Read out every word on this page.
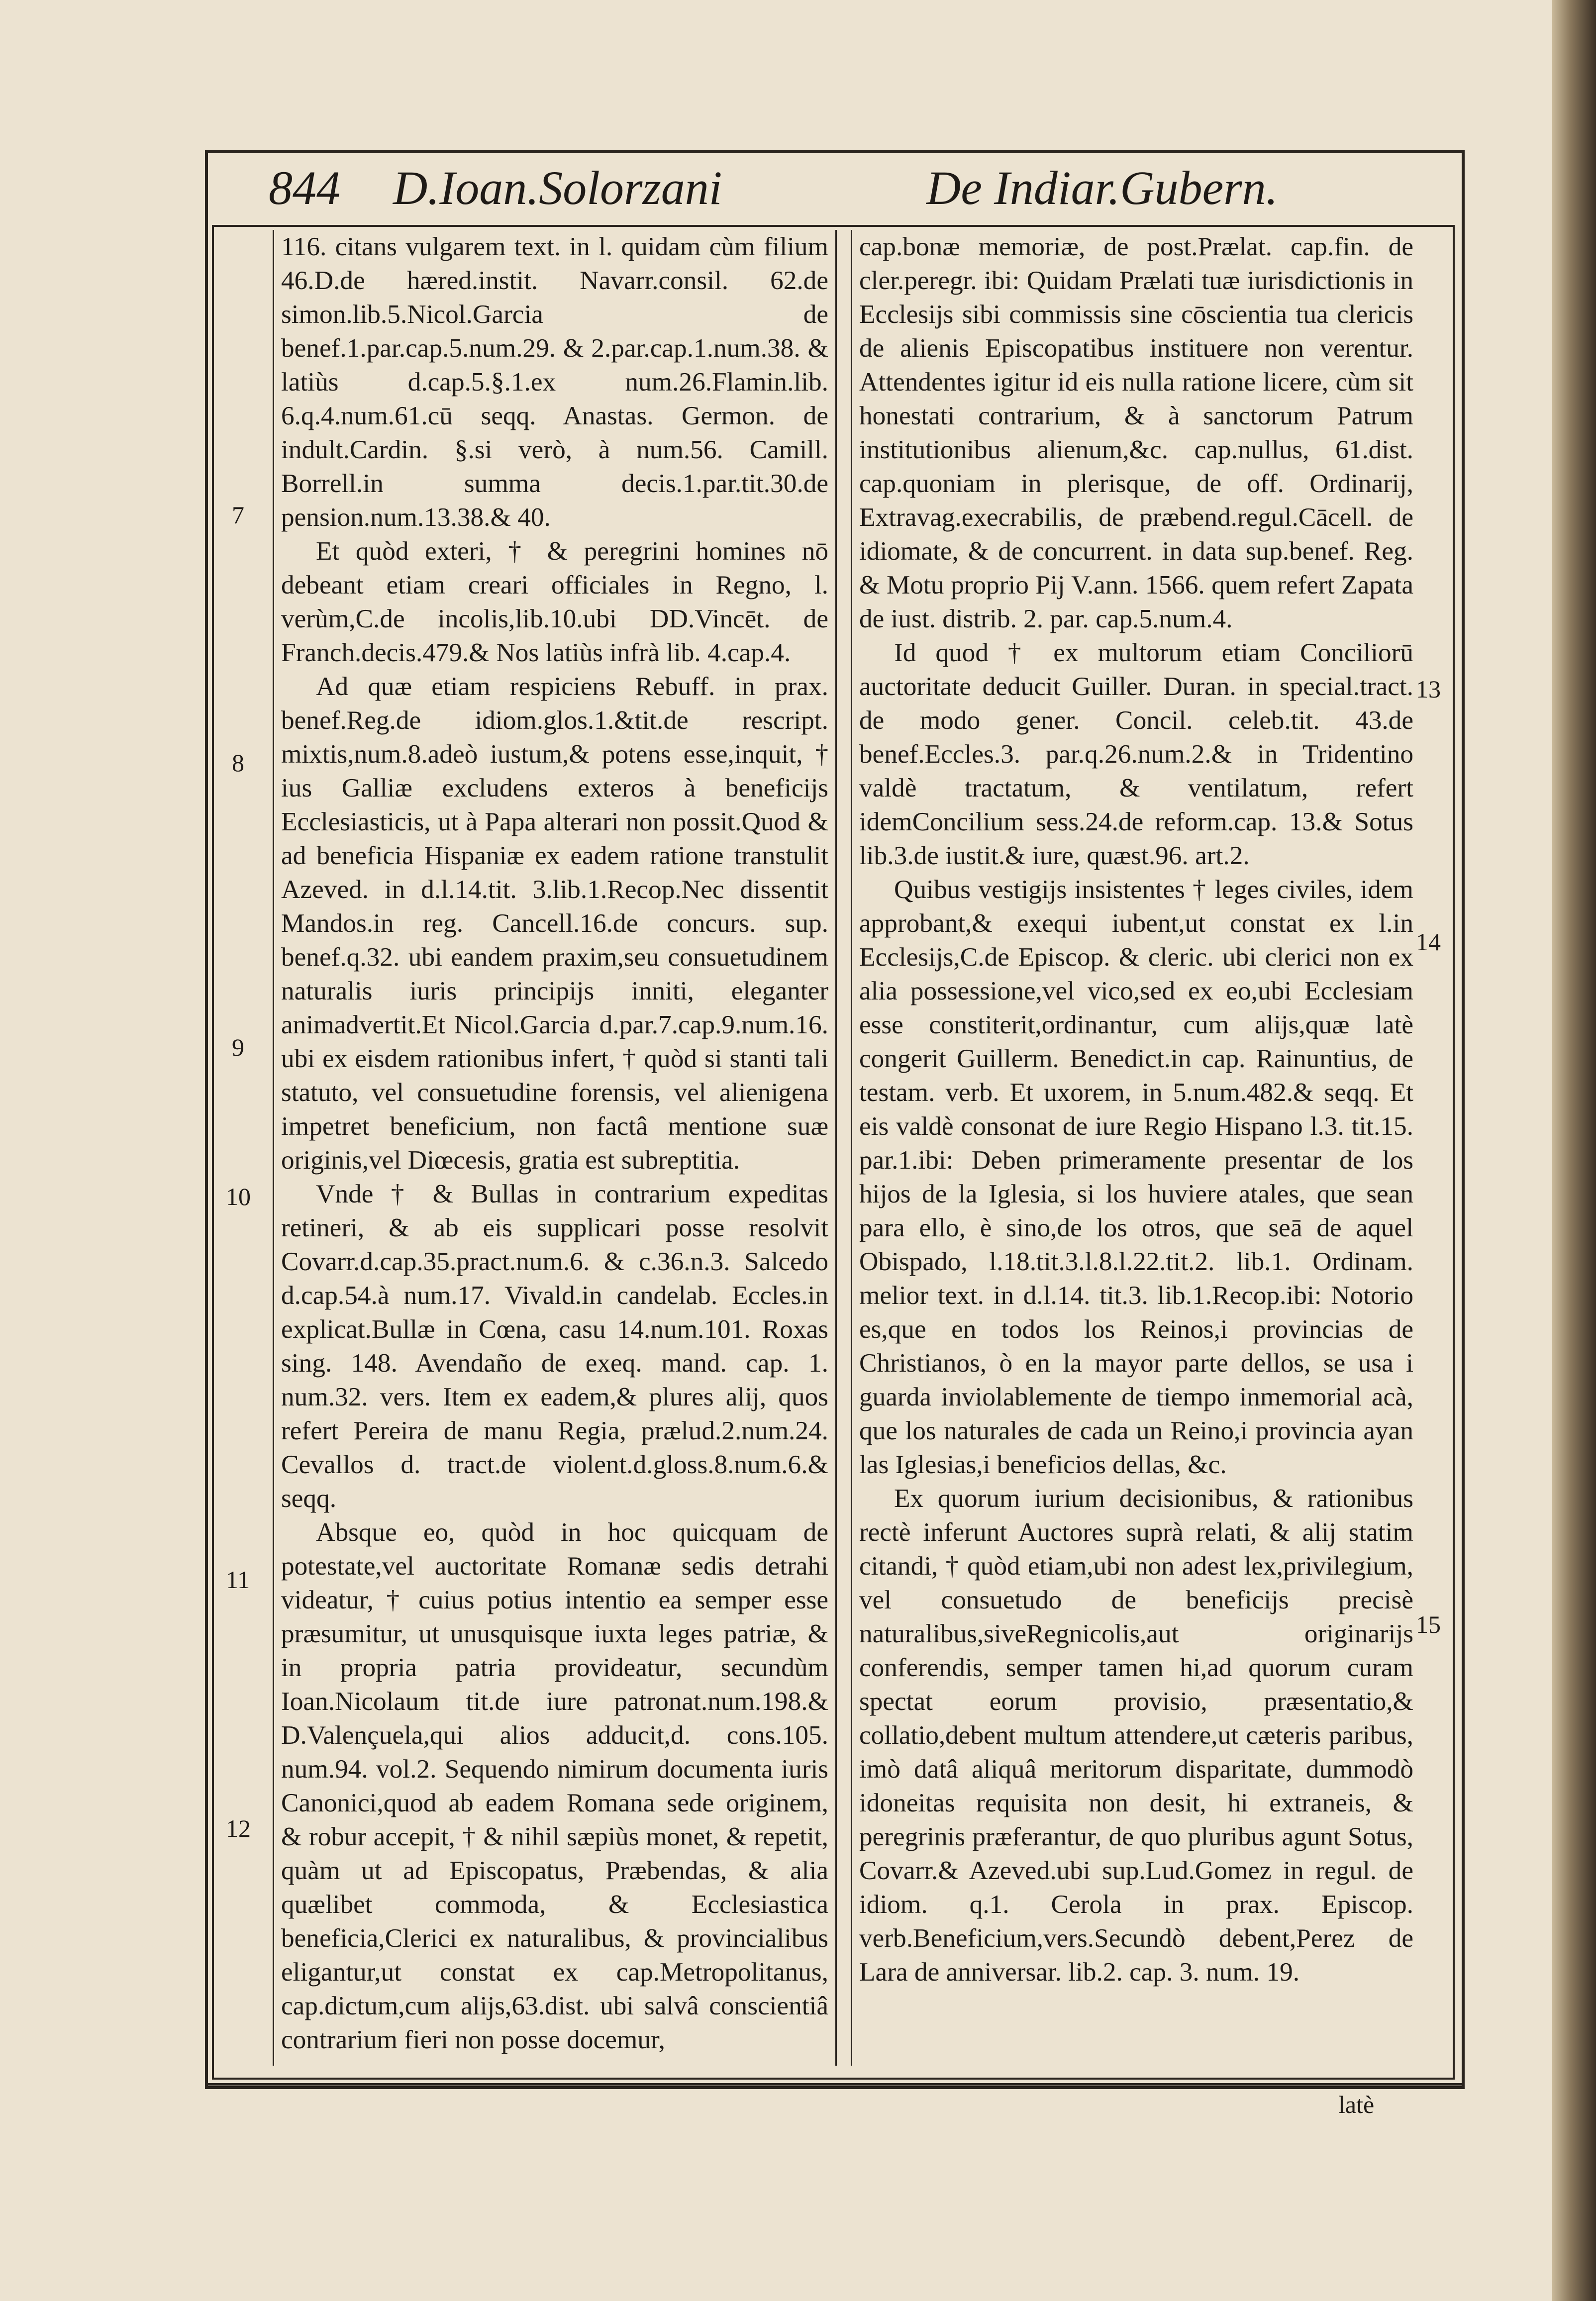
844 D.Ioan.Solorzani	De Indiar.Gubern.

116. citans vulgarem text. in l. quidam cùm filium 46.D.de hæred.instit. Navarr.consil. 62.de simon.lib.5.Nicol.Garcia de benef.1.par.cap.5.num.29. & 2.par.cap.1.num.38. & latiùs d.cap.5.§.1.ex num.26.Flamin.lib. 6.q.4.num.61.cū seqq. Anastas. Germon. de indult.Cardin. §.si verò, à num.56. Camill. Borrell.in summa decis.1.par.tit.30.de pension.num.13.38.& 40.

Et quòd exteri, † & peregrini homines nō debeant etiam creari officiales in Regno, l. verùm,C.de incolis,lib.10.ubi DD.Vincēt. de Franch.decis.479.& Nos latiùs infrà lib. 4.cap.4.

Ad quæ etiam respiciens Rebuff. in prax. benef.Reg.de idiom.glos.1.&tit.de rescript. mixtis,num.8.adeò iustum,& potens esse,inquit, † ius Galliæ excludens exteros à beneficijs Ecclesiasticis, ut à Papa alterari non possit.Quod & ad beneficia Hispaniæ ex eadem ratione transtulit Azeved. in d.l.14.tit. 3.lib.1.Recop.Nec dissentit Mandos.in reg. Cancell.16.de concurs. sup. benef.q.32. ubi eandem praxim,seu consuetudinem naturalis iuris principijs inniti, eleganter animadvertit.Et Nicol.Garcia d.par.7.cap.9.num.16. ubi ex eisdem rationibus infert, † quòd si stanti tali statuto, vel consuetudine forensis, vel alienigena impetret beneficium, non factâ mentione suæ originis,vel Diœcesis, gratia est subreptitia.

Vnde † & Bullas in contrarium expeditas retineri, & ab eis supplicari posse resolvit Covarr.d.cap.35.pract.num.6. & c.36.n.3. Salcedo d.cap.54.à num.17. Vivald.in candelab. Eccles.in explicat.Bullæ in Cœna, casu 14.num.101. Roxas sing. 148. Avendaño de exeq. mand. cap. 1. num.32. vers. Item ex eadem,& plures alij, quos refert Pereira de manu Regia, prælud.2.num.24. Cevallos d. tract.de violent.d.gloss.8.num.6.& seqq.

Absque eo, quòd in hoc quicquam de potestate,vel auctoritate Romanæ sedis detrahi videatur, † cuius potius intentio ea semper esse præsumitur, ut unusquisque iuxta leges patriæ, & in propria patria provideatur, secundùm Ioan.Nicolaum tit.de iure patronat.num.198.& D.Valençuela,qui alios adducit,d. cons.105. num.94. vol.2. Sequendo nimirum documenta iuris Canonici,quod ab eadem Romana sede originem, & robur accepit, † & nihil sæpiùs monet, & repetit, quàm ut ad Episcopatus, Præbendas, & alia quælibet commoda, & Ecclesiastica beneficia,Clerici ex naturalibus, & provincialibus eligantur,ut constat ex cap.Metropolitanus, cap.dictum,cum alijs,63.dist. ubi salvâ conscientiâ contrarium fieri non posse docemur,

cap.bonæ memoriæ, de post.Prælat. cap.fin. de cler.peregr. ibi: Quidam Prælati tuæ iurisdictionis in Ecclesijs sibi commissis sine cōscientia tua clericis de alienis Episcopatibus instituere non verentur. Attendentes igitur id eis nulla ratione licere, cùm sit honestati contrarium, & à sanctorum Patrum institutionibus alienum,&c. cap.nullus, 61.dist. cap.quoniam in plerisque, de off. Ordinarij, Extravag.execrabilis, de præbend.regul.Cācell. de idiomate, & de concurrent. in data sup.benef. Reg. & Motu proprio Pij V.ann. 1566. quem refert Zapata de iust. distrib. 2. par. cap.5.num.4.

Id quod † ex multorum etiam Conciliorū auctoritate deducit Guiller. Duran. in special.tract. de modo gener. Concil. celeb.tit. 43.de benef.Eccles.3. par.q.26.num.2.& in Tridentino valdè tractatum, & ventilatum, refert idemConcilium sess.24.de reform.cap. 13.& Sotus lib.3.de iustit.& iure, quæst.96. art.2.

Quibus vestigijs insistentes † leges civiles, idem approbant,& exequi iubent,ut constat ex l.in Ecclesijs,C.de Episcop. & cleric. ubi clerici non ex alia possessione,vel vico,sed ex eo,ubi Ecclesiam esse constiterit,ordinantur, cum alijs,quæ latè congerit Guillerm. Benedict.in cap. Rainuntius, de testam. verb. Et uxorem, in 5.num.482.& seqq. Et eis valdè consonat de iure Regio Hispano l.3. tit.15. par.1.ibi: Deben primeramente presentar de los hijos de la Iglesia, si los huviere atales, que sean para ello, è sino,de los otros, que seā de aquel Obispado, l.18.tit.3.l.8.l.22.tit.2. lib.1. Ordinam. melior text. in d.l.14. tit.3. lib.1.Recop.ibi: Notorio es,que en todos los Reinos,i provincias de Christianos, ò en la mayor parte dellos, se usa i guarda inviolablemente de tiempo inmemorial acà, que los naturales de cada un Reino,i provincia ayan las Iglesias,i beneficios dellas, &c.

Ex quorum iurium decisionibus, & rationibus rectè inferunt Auctores suprà relati, & alij statim citandi, † quòd etiam,ubi non adest lex,privilegium, vel consuetudo de beneficijs precisè naturalibus,siveRegnicolis,aut originarijs conferendis, semper tamen hi,ad quorum curam spectat eorum provisio, præsentatio,& collatio,debent multum attendere,ut cæteris paribus, imò datâ aliquâ meritorum disparitate, dummodò idoneitas requisita non desit, hi extraneis, & peregrinis præferantur, de quo pluribus agunt Sotus, Covarr.& Azeved.ubi sup.Lud.Gomez in regul. de idiom. q.1. Cerola in prax. Episcop. verb.Beneficium,vers.Secundò debent,Perez de Lara de anniversar. lib.2. cap. 3. num. 19.

7
8
9
10
11
12
13
14
15
latè
